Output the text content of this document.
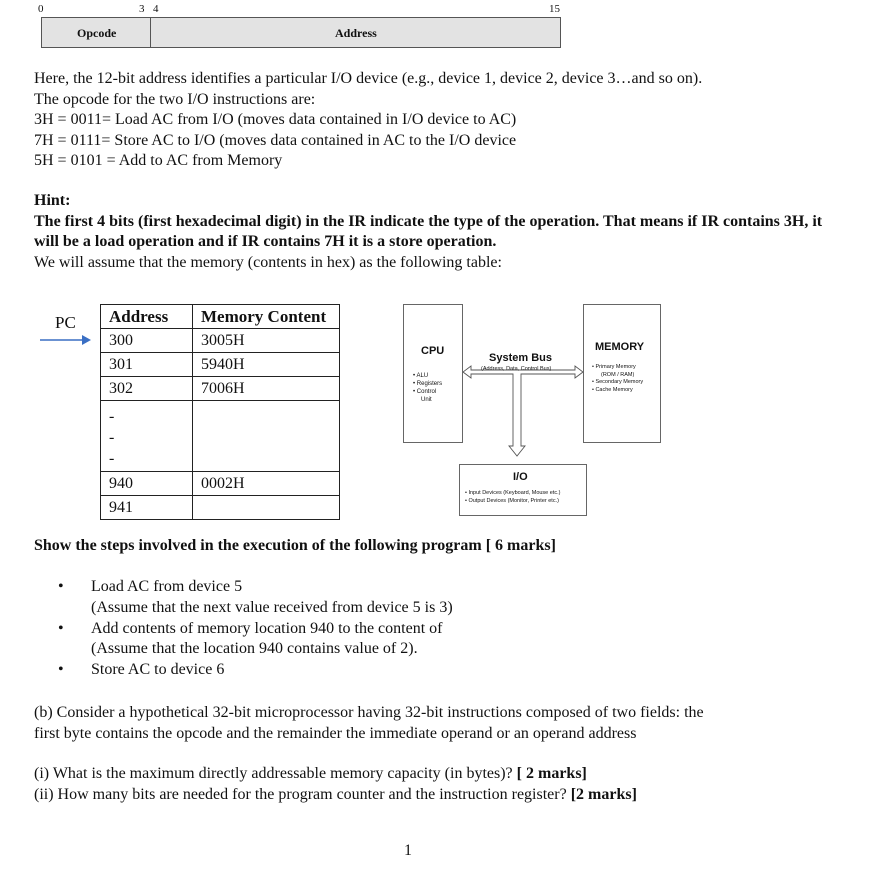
0	3 4	15
Opcode	Address
Here, the 12-bit address identifies a particular I/O device (e.g., device 1, device 2, device 3…and so on).
The opcode for the two I/O instructions are:
3H = 0011= Load AC from I/O (moves data contained in I/O device to AC)
7H = 0111= Store AC to I/O (moves data contained in AC to the I/O device
5H = 0101 = Add to AC from Memory
Hint:
The first 4 bits (first hexadecimal digit) in the IR indicate the type of the operation. That means if IR contains 3H, it will be a load operation and if IR contains 7H it is a store operation.
We will assume that the memory (contents in hex) as the following table:
PC Address	Memory Content
300	3005H
301	5940H
302	7006H
-
-
-	
940	0002H
941	
CPU
• ALU
• Registers
• Control
Unit
MEMORY
• Primary Memory
(ROM / RAM)
• Secondary Memory
• Cache Memory
System Bus
(Address, Data, Control Bus)
I/O
• Input Devices (Keyboard, Mouse etc.)
• Output Devices (Monitor, Printer etc.)
Show the steps involved in the execution of the following program [ 6 marks]
• Load AC from device 5
(Assume that the next value received from device 5 is 3)
• Add contents of memory location 940 to the content of
(Assume that the location 940 contains value of 2).
• Store AC to device 6
(b) Consider a hypothetical 32-bit microprocessor having 32-bit instructions composed of two fields: the
first byte contains the opcode and the remainder the immediate operand or an operand address
(i) What is the maximum directly addressable memory capacity (in bytes)? [ 2 marks]
(ii) How many bits are needed for the program counter and the instruction register? [2 marks]
1
